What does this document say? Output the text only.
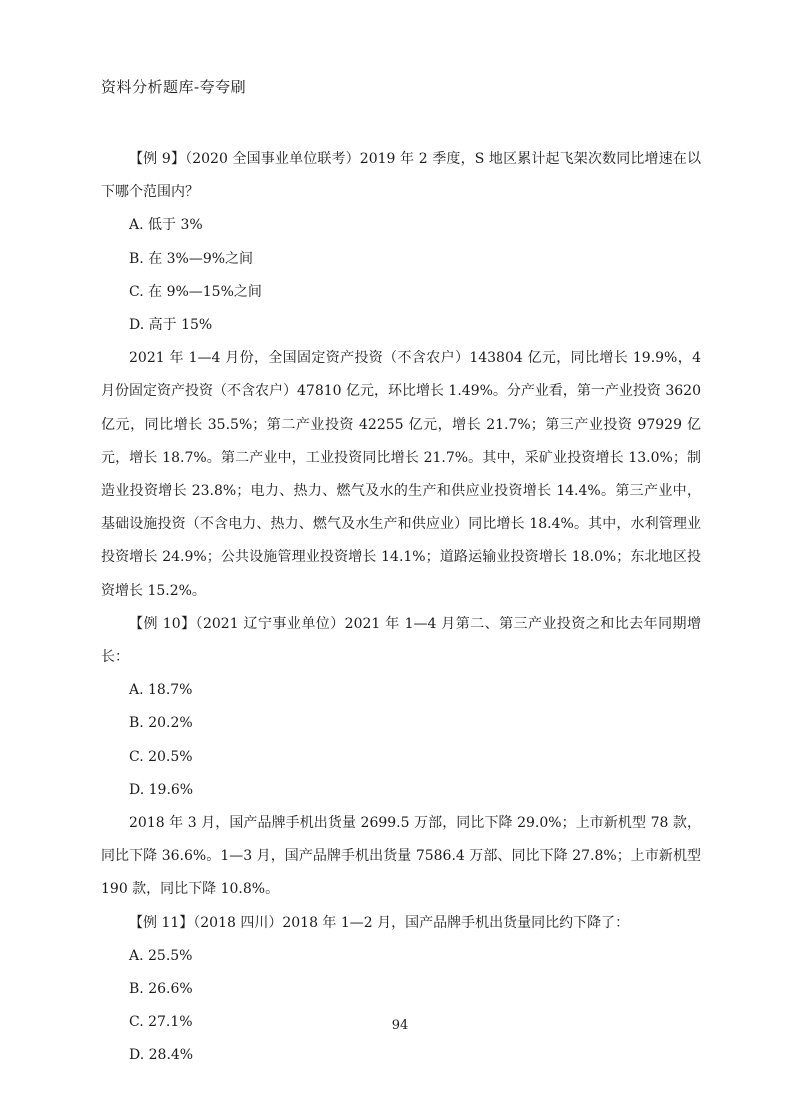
资料分析题库-夸夸刷

【例 9】（2020 全国事业单位联考）2019 年 2 季度，S 地区累计起飞架次数同比增速在以下哪个范围内？

A. 低于 3%

B. 在 3%—9%之间

C. 在 9%—15%之间

D. 高于 15%

2021 年 1—4 月份，全国固定资产投资（不含农户）143804 亿元，同比增长 19.9%，4 月份固定资产投资（不含农户）47810 亿元，环比增长 1.49%。分产业看，第一产业投资 3620 亿元，同比增长 35.5%；第二产业投资 42255 亿元，增长 21.7%；第三产业投资 97929 亿元，增长 18.7%。第二产业中，工业投资同比增长 21.7%。其中，采矿业投资增长 13.0%；制造业投资增长 23.8%；电力、热力、燃气及水的生产和供应业投资增长 14.4%。第三产业中，基础设施投资（不含电力、热力、燃气及水生产和供应业）同比增长 18.4%。其中，水利管理业投资增长 24.9%；公共设施管理业投资增长 14.1%；道路运输业投资增长 18.0%；东北地区投资增长 15.2%。

【例 10】（2021 辽宁事业单位）2021 年 1—4 月第二、第三产业投资之和比去年同期增长：

A. 18.7%

B. 20.2%

C. 20.5%

D. 19.6%

2018 年 3 月，国产品牌手机出货量 2699.5 万部，同比下降 29.0%；上市新机型 78 款，同比下降 36.6%。1—3 月，国产品牌手机出货量 7586.4 万部、同比下降 27.8%；上市新机型 190 款，同比下降 10.8%。

【例 11】（2018 四川）2018 年 1—2 月，国产品牌手机出货量同比约下降了：

A. 25.5%

B. 26.6%

C. 27.1%

D. 28.4%

94
